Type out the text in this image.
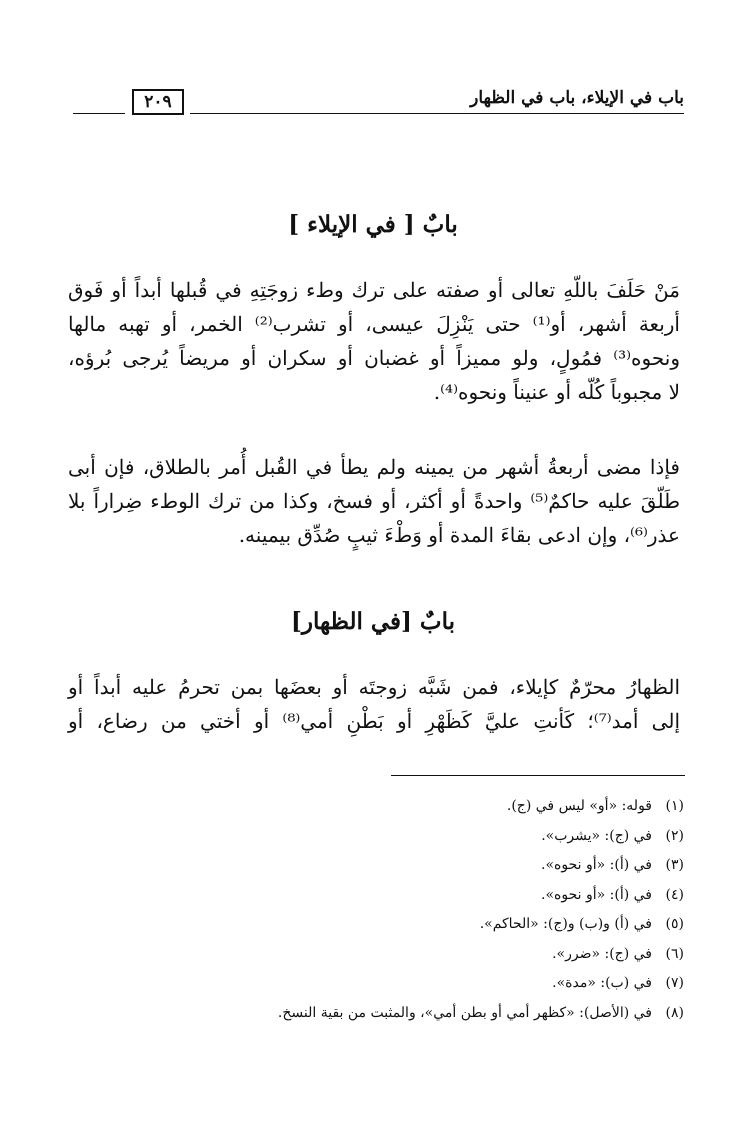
باب في الإيلاء، باب في الظهار
٢٠٩
بابٌ [ في الإيلاء ]
مَنْ حَلَفَ باللّهِ تعالى أو صفته على ترك وطء زوجَتِهِ في قُبلها أبداً أو فَوق
أربعة أشهر، أو⁽¹⁾ حتى يَنْزِلَ عيسى، أو تشرب⁽²⁾ الخمر، أو تهبه مالها
ونحوه⁽³⁾ فمُولٍ، ولو مميزاً أو غضبان أو سكران أو مريضاً يُرجى بُرؤه،
لا مجبوباً كُلّه أو عنيناً ونحوه⁽⁴⁾.
فإذا مضى أربعةُ أشهر من يمينه ولم يطأ في القُبل أُمر بالطلاق، فإن أبى
طَلّقَ عليه حاكمٌ⁽⁵⁾ واحدةً أو أكثر، أو فسخ، وكذا من ترك الوطء ضِراراً بلا
عذر⁽⁶⁾، وإن ادعى بقاءَ المدة أو وَطْءَ ثيبٍ صُدِّق بيمينه.
بابٌ [في الظهار]
الظهارُ محرّمٌ كإيلاء، فمن شَبَّه زوجتَه أو بعضَها بمن تحرمُ عليه أبداً أو
إلى أمد⁽⁷⁾؛ كَأنتِ عليَّ كَظَهْرِ أو بَطْنِ أمي⁽⁸⁾ أو أختي من رضاع، أو
(١)قوله: «أو» ليس في (ج).
(٢)في (ج): «يشرب».
(٣)في (أ): «أو نحوه».
(٤)في (أ): «أو نحوه».
(٥)في (أ) و(ب) و(ج): «الحاكم».
(٦)في (ج): «ضرر».
(٧)في (ب): «مدة».
(٨)في (الأصل): «كظهر أمي أو بطن أمي»، والمثبت من بقية النسخ.
